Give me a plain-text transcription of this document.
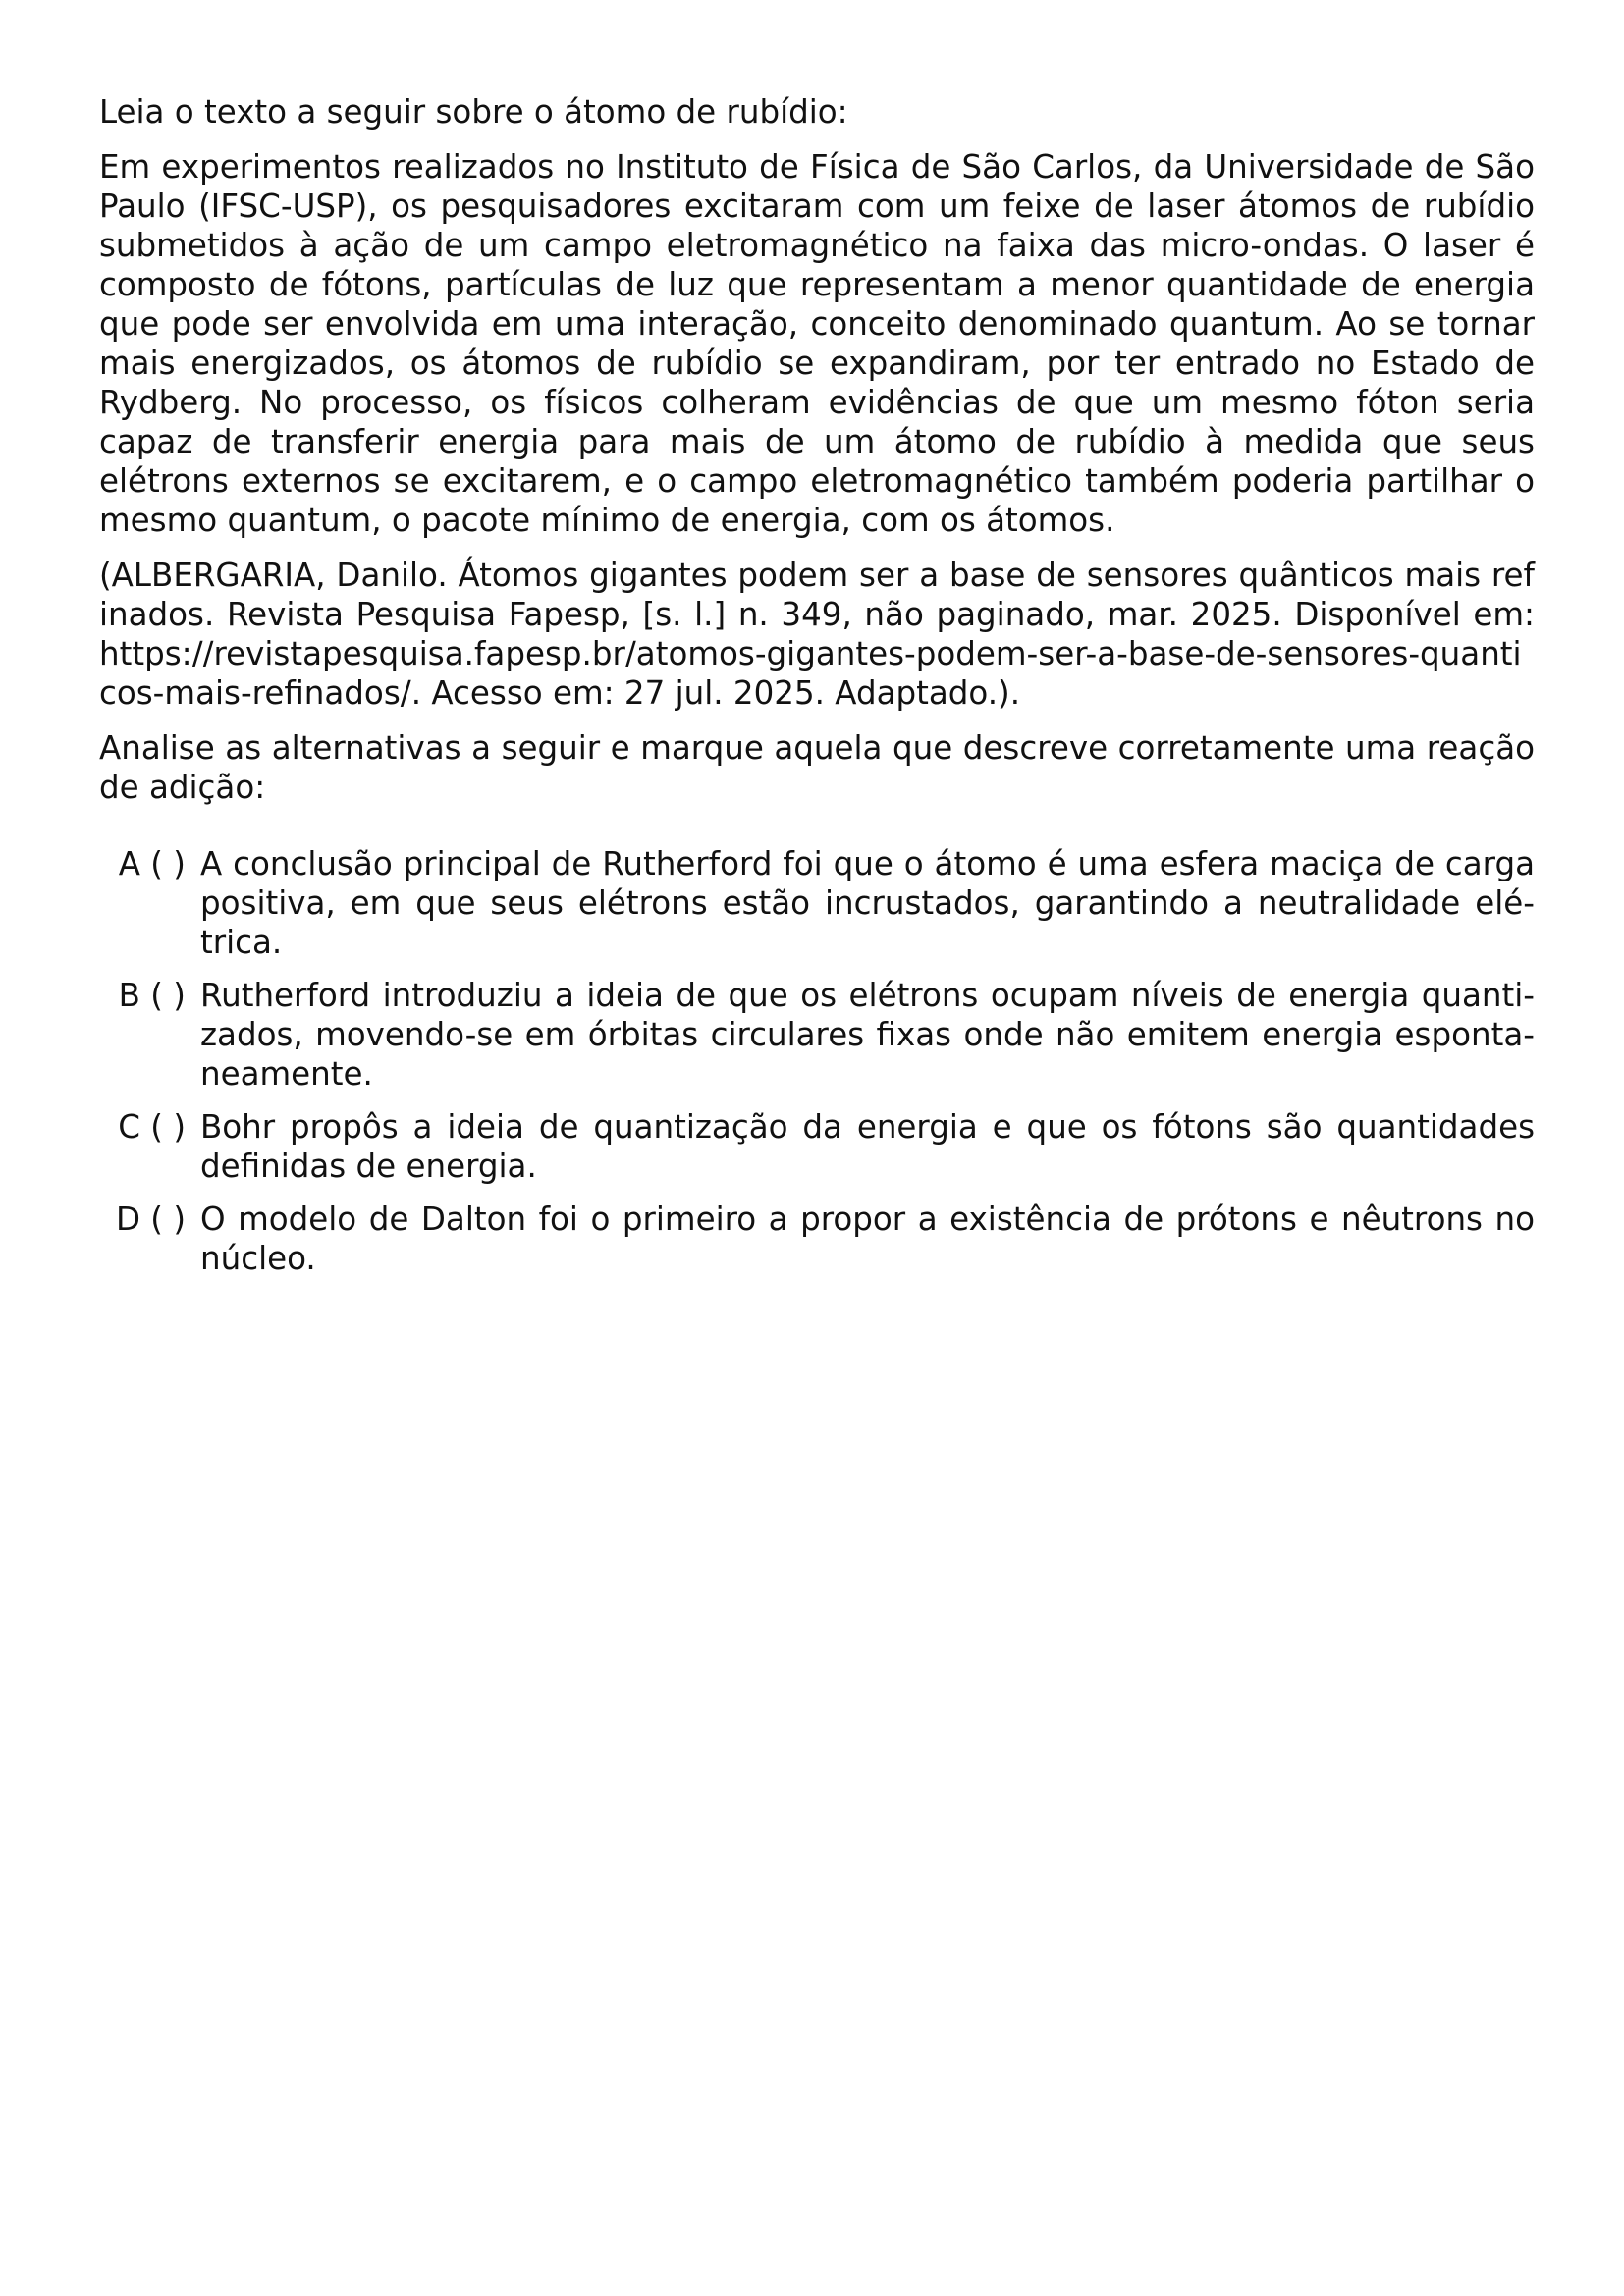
Leia o texto a seguir sobre o átomo de rubídio:

Em experimentos realizados no Instituto de Física de São Carlos, da Universidade de São Paulo (IFSC-USP), os pesquisadores excitaram com um feixe de laser átomos de rubídio submetidos à ação de um campo eletromagnético na faixa das micro-ondas. O laser é composto de fótons, partículas de luz que representam a menor quantidade de energia que pode ser envolvida em uma interação, conceito denominado quantum. Ao se tornar mais energizados, os átomos de rubídio se expandiram, por ter entrado no Estado de Rydberg. No processo, os físicos colheram evidências de que um mesmo fóton seria capaz de transferir energia para mais de um átomo de rubídio à medida que seus elétrons externos se excitarem, e o campo eletromagnético também poderia partilhar o mesmo quantum, o pacote mínimo de energia, com os átomos.

(ALBERGARIA, Danilo. Átomos gigantes podem ser a base de sensores quânticos mais refinados. Revista Pesquisa Fapesp, [s. l.] n. 349, não paginado, mar. 2025. Disponível em: https://revistapesquisa.fapesp.br/atomos-gigantes-podem-ser-a-base-de-sensores-quanticos-mais-refinados/. Acesso em: 27 jul. 2025. Adaptado.).

Analise as alternativas a seguir e marque aquela que descreve corretamente uma reação de adição:

A ( ) A conclusão principal de Rutherford foi que o átomo é uma esfera maciça de carga positiva, em que seus elétrons estão incrustados, garantindo a neutralidade elétrica.
B ( ) Rutherford introduziu a ideia de que os elétrons ocupam níveis de energia quantizados, movendo-se em órbitas circulares fixas onde não emitem energia espontaneamente.
C ( ) Bohr propôs a ideia de quantização da energia e que os fótons são quantidades definidas de energia.
D ( ) O modelo de Dalton foi o primeiro a propor a existência de prótons e nêutrons no núcleo.
